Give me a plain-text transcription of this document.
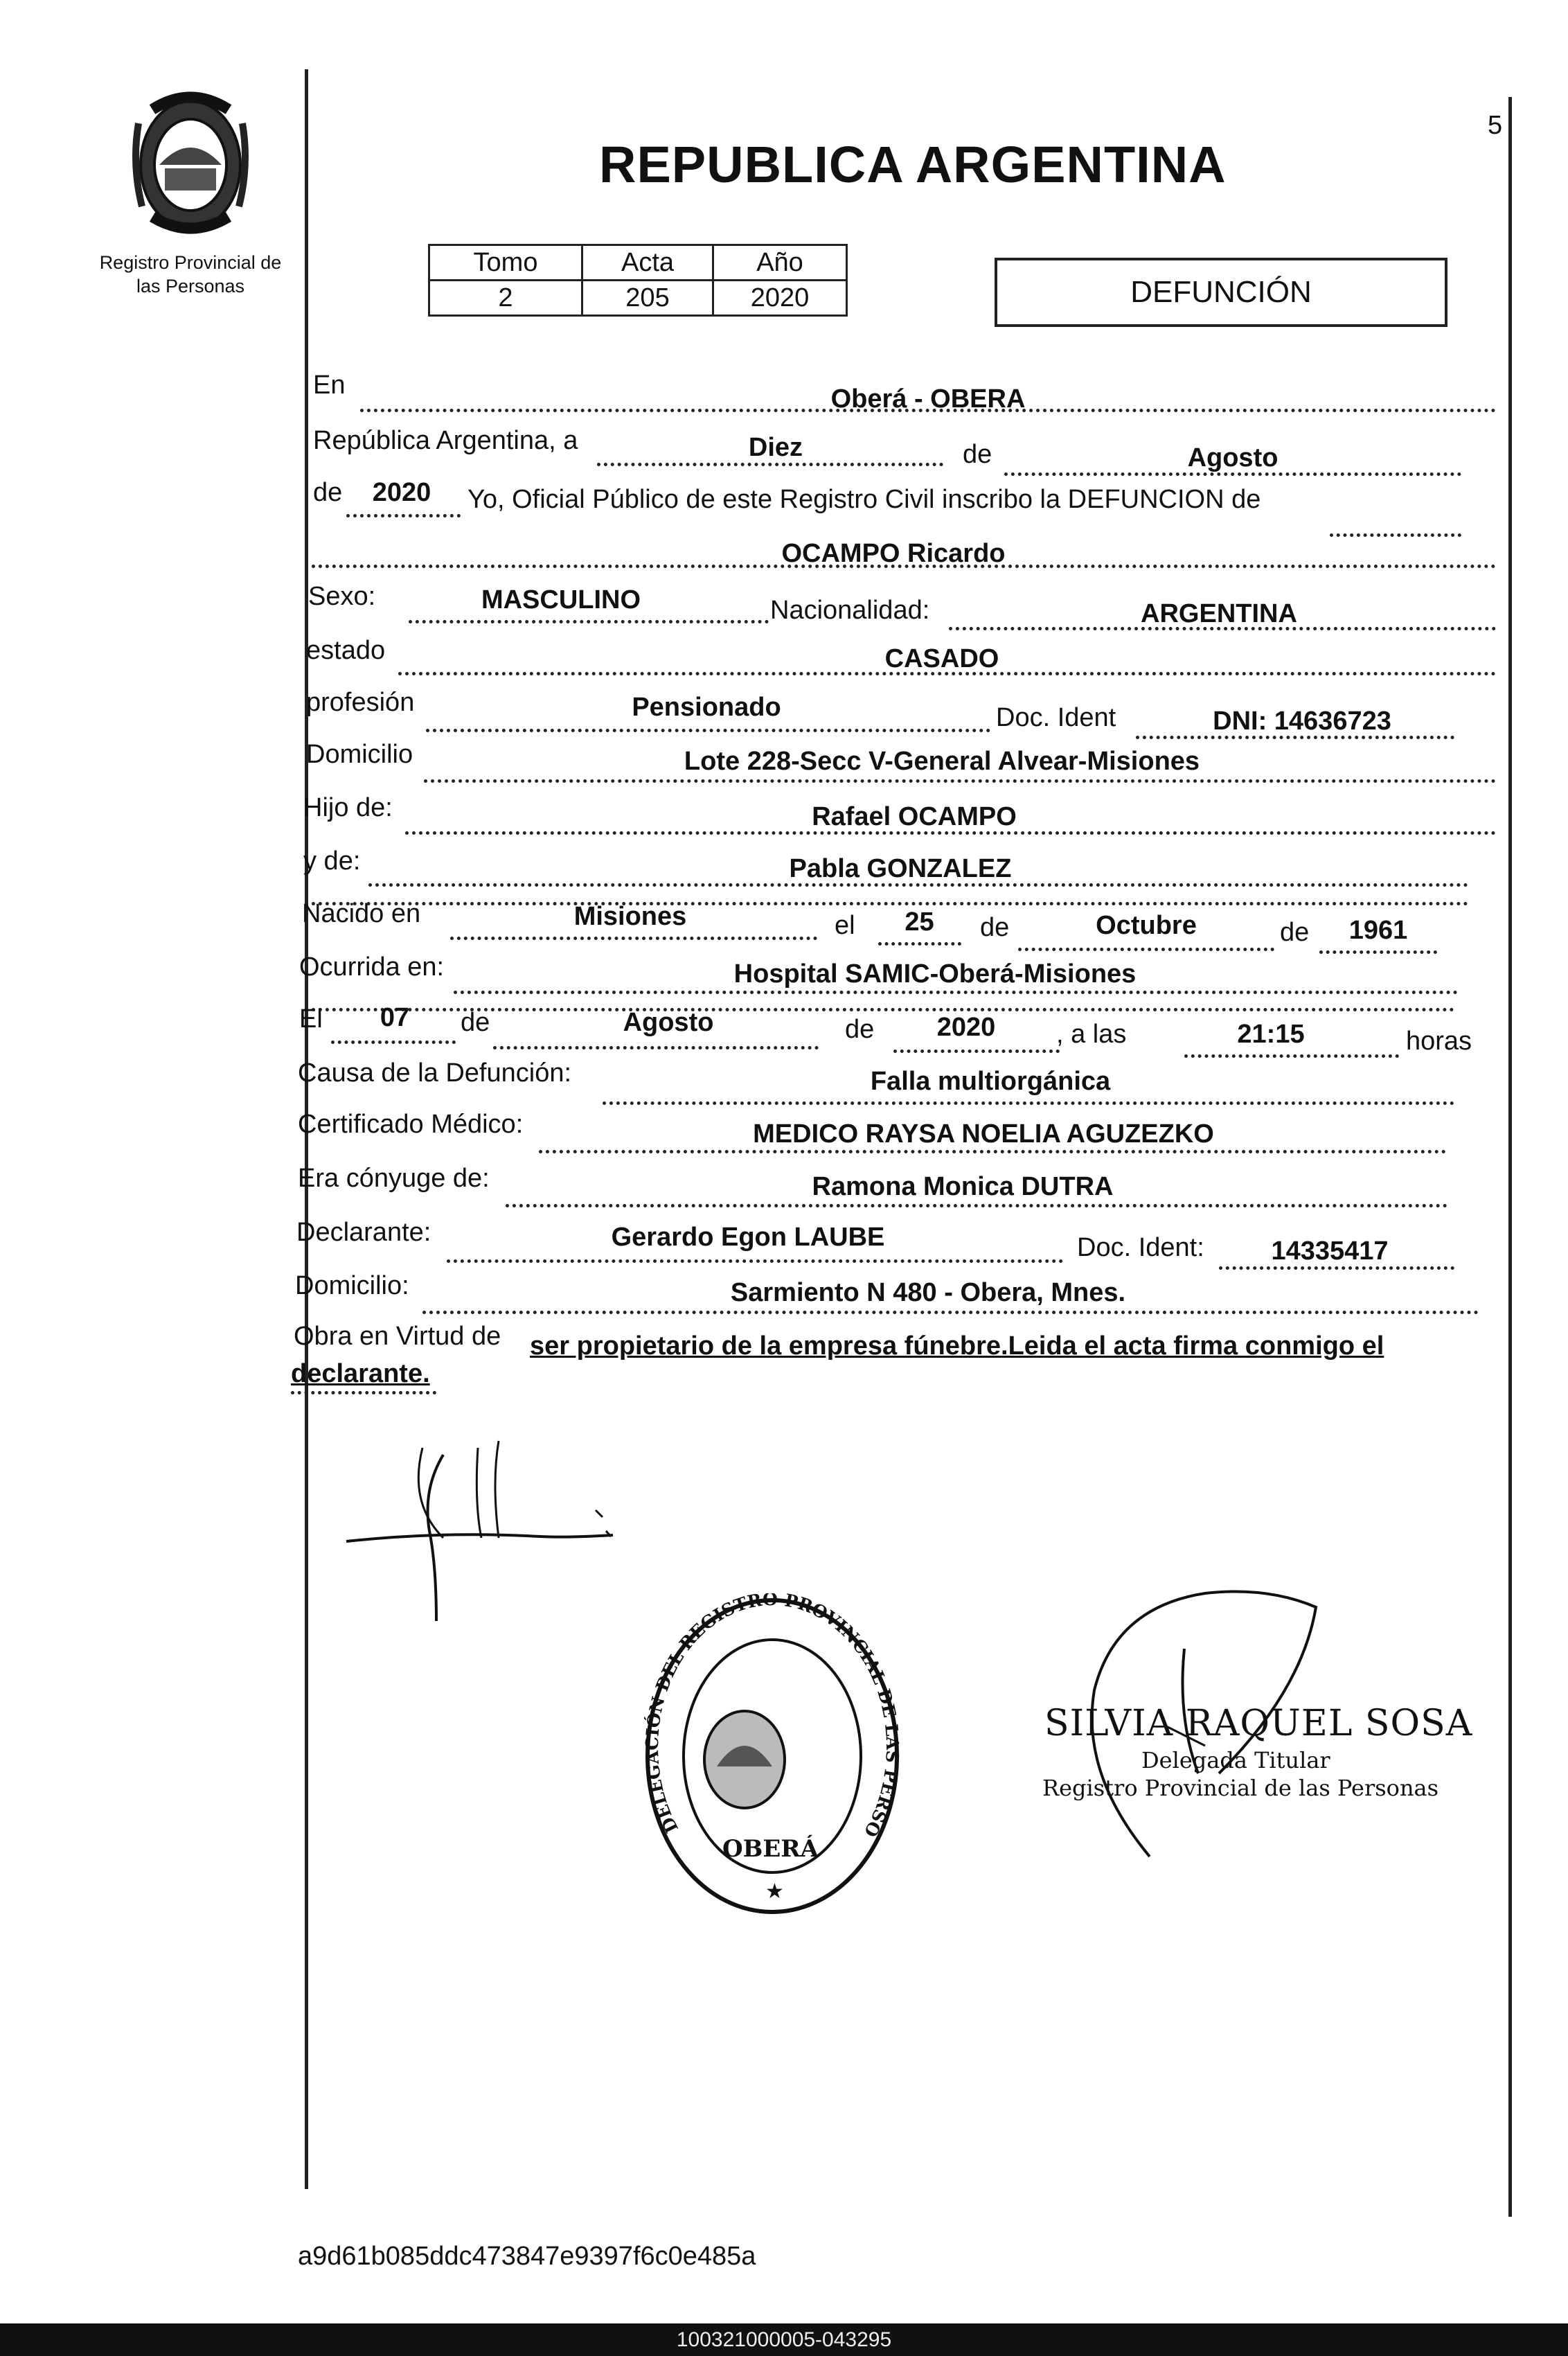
Registro Provincial de las Personas
REPUBLICA ARGENTINA
5
Tomo	Acta	Año
2	205	2020	DEFUNCIÓN
En	Oberá - OBERA
República Argentina, a	Diez	de	Agosto
de	2020	Yo, Oficial Público de este Registro Civil inscribo la DEFUNCION de
OCAMPO Ricardo
Sexo:	MASCULINO	Nacionalidad:	ARGENTINA
estado	CASADO
profesión	Pensionado	Doc. Ident	DNI: 14636723
Domicilio	Lote 228-Secc V-General Alvear-Misiones
Hijo de:	Rafael OCAMPO
y de:	Pabla GONZALEZ
Nacido en	Misiones	el	25	de	Octubre	de	1961
Ocurrida en:	Hospital SAMIC-Oberá-Misiones
El	07	de	Agosto	de	2020	, a las	21:15	horas
Causa de la Defunción:	Falla multiorgánica
Certificado Médico:	MEDICO RAYSA NOELIA AGUZEZKO
Era cónyuge de:	Ramona Monica DUTRA
Declarante:	Gerardo Egon LAUBE	Doc. Ident:	14335417
Domicilio:	Sarmiento N 480 - Obera, Mnes.
Obra en Virtud de ser propietario de la empresa fúnebre.Leida el acta firma conmigo el
declarante.
OBERÁ
★
DELEGACIÓN DEL REGISTRO PROVINCIAL DE LAS PERSO
SILVIA RAQUEL SOSA
Delegada Titular
Registro Provincial de las Personas
a9d61b085ddc473847e9397f6c0e485a
100321000005-043295
